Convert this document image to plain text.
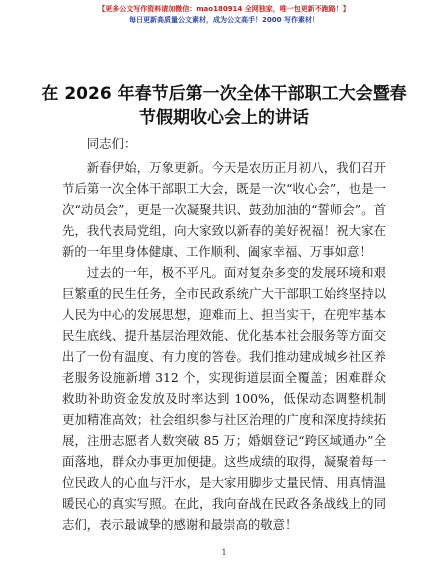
【更多公文写作资料请加微信：mao180914 全网独家，唯一包更新不跑路！】
每日更新高质量公文素材，成为公文高手！2000 写作素材！
在 2026 年春节后第一次全体干部职工大会暨春
节假期收心会上的讲话

同志们：

新春伊始，万象更新。今天是农历正月初八，我们召开节后第一次全体干部职工大会，既是一次“收心会”，也是一次“动员会”，更是一次凝聚共识、鼓劲加油的“誓师会”。首先，我代表局党组，向大家致以新春的美好祝福！祝大家在新的一年里身体健康、工作顺利、阖家幸福、万事如意！

过去的一年，极不平凡。面对复杂多变的发展环境和艰巨繁重的民生任务，全市民政系统广大干部职工始终坚持以人民为中心的发展思想，迎难而上、担当实干，在兜牢基本民生底线、提升基层治理效能、优化基本社会服务等方面交出了一份有温度、有力度的答卷。我们推动建成城乡社区养老服务设施新增 312 个，实现街道层面全覆盖；困难群众救助补助资金发放及时率达到 100%，低保动态调整机制更加精准高效；社会组织参与社区治理的广度和深度持续拓展，注册志愿者人数突破 85 万；婚姻登记“跨区域通办”全面落地，群众办事更加便捷。这些成绩的取得，凝聚着每一位民政人的心血与汗水，是大家用脚步丈量民情、用真情温暖民心的真实写照。在此，我向奋战在民政各条战线上的同志们，表示最诚挚的感谢和最崇高的敬意！

1
